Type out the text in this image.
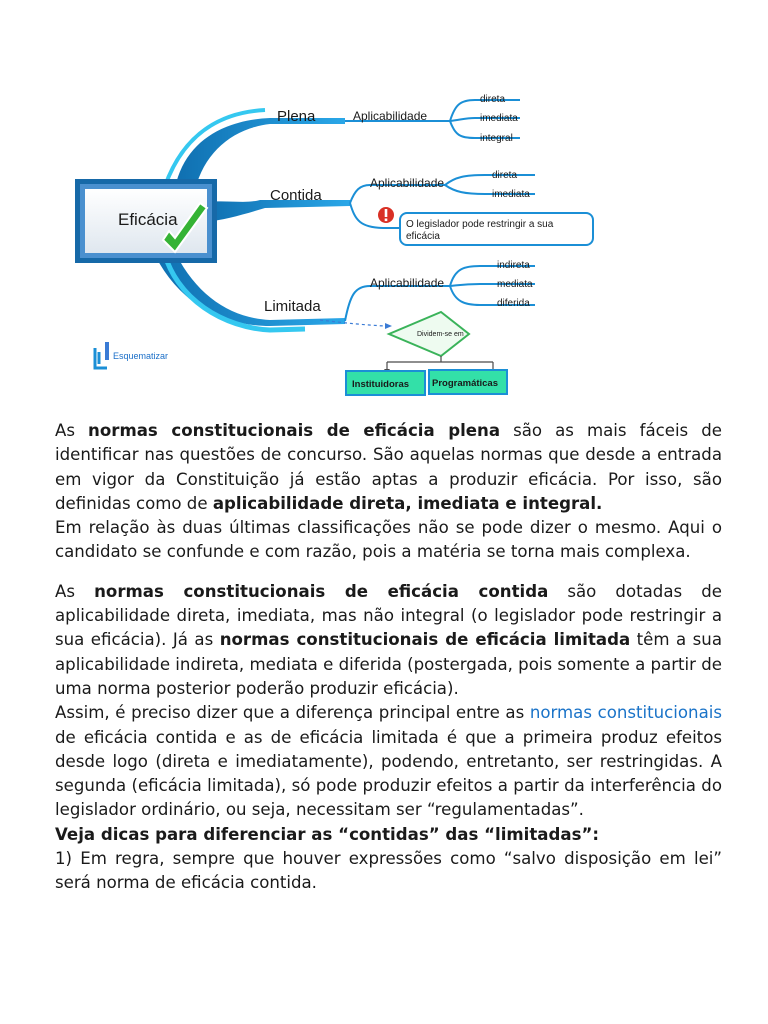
Eficácia
Plena	Aplicabilidade
direta
imediata
integral
Contida
Aplicabilidade
direta
imediata
O legislador pode restringir a sua
eficácia
Limitada
Aplicabilidade
indireta
mediata
diferida
Dividem-se em
Instituidoras Programáticas
Esquematizar

As normas constitucionais de eficácia plena são as mais fáceis de identificar nas questões de concurso. São aquelas normas que desde a entrada em vigor da Constituição já estão aptas a produzir eficácia. Por isso, são definidas como de aplicabilidade direta, imediata e integral.

Em relação às duas últimas classificações não se pode dizer o mesmo. Aqui o candidato se confunde e com razão, pois a matéria se torna mais complexa.

As normas constitucionais de eficácia contida são dotadas de aplicabilidade direta, imediata, mas não integral (o legislador pode restringir a sua eficácia). Já as normas constitucionais de eficácia limitada têm a sua aplicabilidade indireta, mediata e diferida (postergada, pois somente a partir de uma norma posterior poderão produzir eficácia).

Assim, é preciso dizer que a diferença principal entre as normas constitucionais de eficácia contida e as de eficácia limitada é que a primeira produz efeitos desde logo (direta e imediatamente), podendo, entretanto, ser restringidas. A segunda (eficácia limitada), só pode produzir efeitos a partir da interferência do legislador ordinário, ou seja, necessitam ser “regulamentadas”.

Veja dicas para diferenciar as “contidas” das “limitadas”:

1) Em regra, sempre que houver expressões como “salvo disposição em lei” será norma de eficácia contida.
